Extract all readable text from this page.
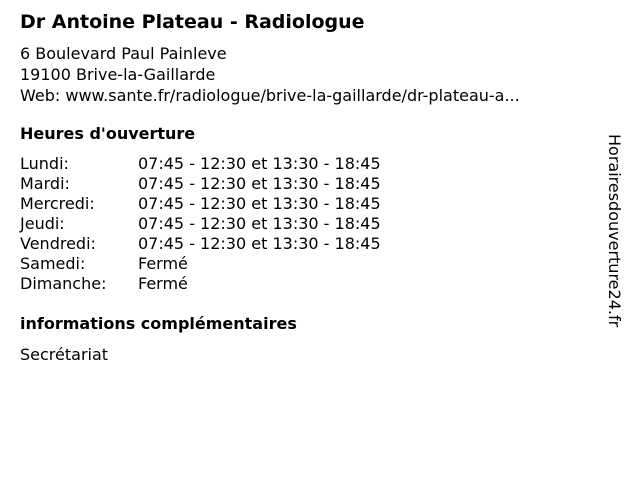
Dr Antoine Plateau - Radiologue
6 Boulevard Paul Painleve
19100 Brive-la-Gaillarde
Web: www.sante.fr/radiologue/brive-la-gaillarde/dr-plateau-a...
Heures d'ouverture
Lundi:	07:45 - 12:30 et 13:30 - 18:45
Mardi:	07:45 - 12:30 et 13:30 - 18:45
Mercredi:	07:45 - 12:30 et 13:30 - 18:45
Jeudi:	07:45 - 12:30 et 13:30 - 18:45
Vendredi:	07:45 - 12:30 et 13:30 - 18:45
Samedi:	Fermé
Dimanche:	Fermé
informations complémentaires
Secrétariat
Horairesdouverture24.fr
